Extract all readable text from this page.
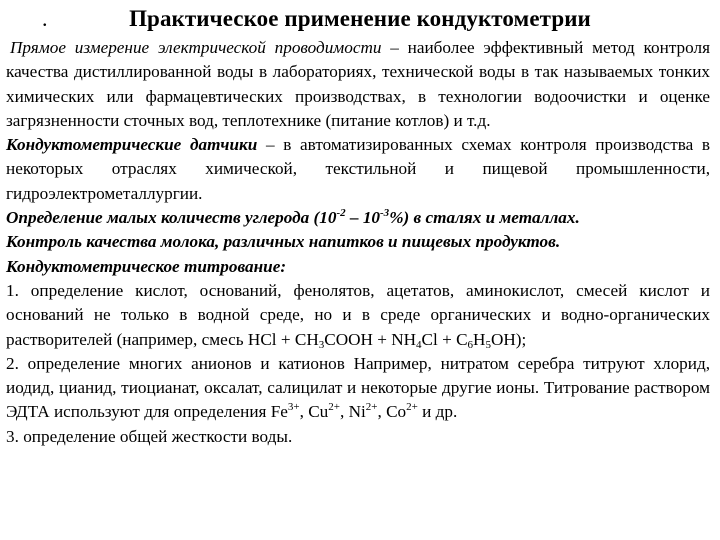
.	Практическое применение кондуктометрии
Прямое измерение электрической проводимости – наиболее эффективный метод контроля качества дистиллированной воды в лабораториях, технической воды в так называемых тонких химических или фармацевтических производствах, в технологии водоочистки и оценке загрязненности сточных вод, теплотехнике (питание котлов) и т.д.
Кондуктометрические датчики – в автоматизированных схемах контроля производства в некоторых отраслях химической, текстильной и пищевой промышленности, гидроэлектрометаллургии.
Определение малых количеств углерода $(10^{-2} - 10^{-3}\%)$ в сталях и металлах.
Контроль качества молока, различных напитков и пищевых продуктов.
Кондуктометрическое титрование:
1. определение кислот, оснований, фенолятов, ацетатов, аминокислот, смесей кислот и оснований не только в водной среде, но и в среде органических и водно-органических растворителей (например, смесь HCl + $CH_3COOH + NH_4Cl + C_6H_5OH$);
2. определение многих анионов и катионов Например, нитратом серебра титруют хлорид, иодид, цианид, тиоцианат, оксалат, салицилат и некоторые другие ионы. Титрование раствором ЭДТА используют для определения $Fe^{3+}$, $Cu^{2+}$, $Ni^{2+}$, $Co^{2+}$ и др.
3. определение общей жесткости воды.
